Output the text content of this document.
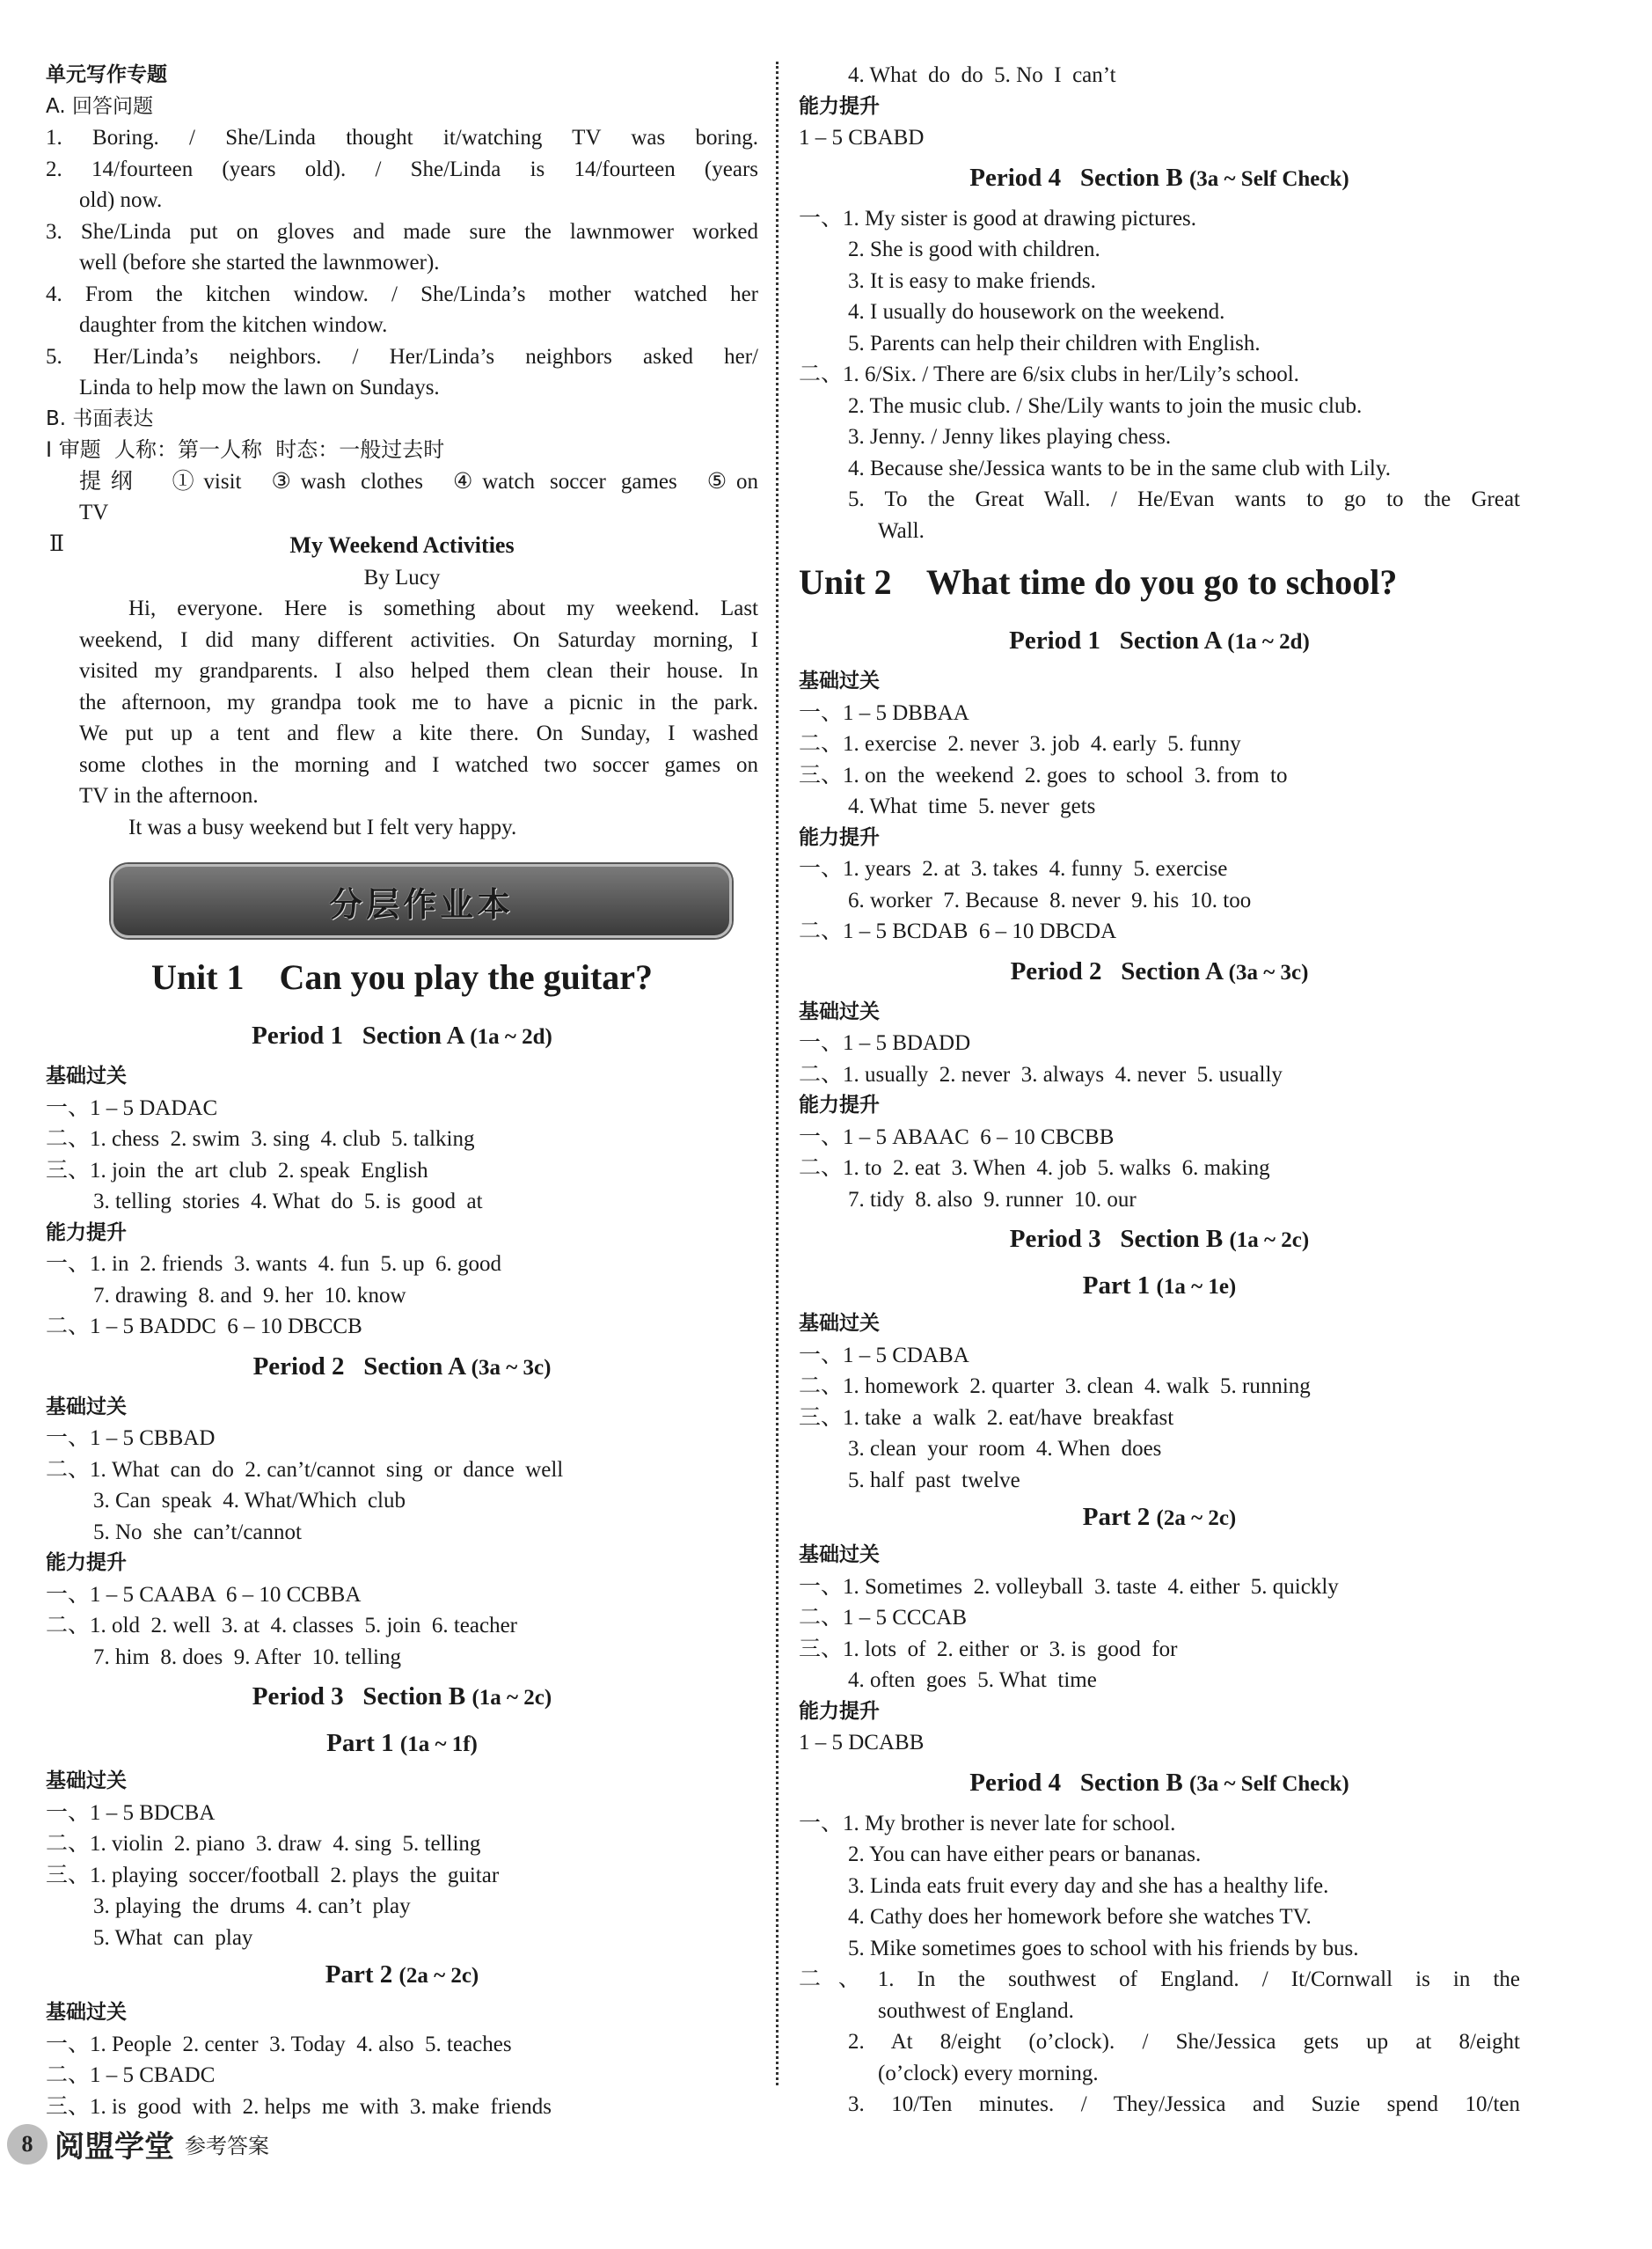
单元写作专题

A. 回答问题

1. Boring. / She/Linda thought it/watching TV was boring.

2. 14/fourteen (years old). / She/Linda is 14/fourteen (years

old) now.

3. She/Linda put on gloves and made sure the lawnmower worked

well (before she started the lawnmower).

4. From the kitchen window. / She/Linda’s mother watched her

daughter from the kitchen window.

5. Her/Linda’s neighbors. / Her/Linda’s neighbors asked her/

Linda to help mow the lawn on Sundays.

B. 书面表达

Ⅰ 审题  人称：第一人称  时态：一般过去时

提纲  ①visit  ③wash clothes  ④watch soccer games  ⑤on

TV

Ⅱ	My Weekend Activities

By Lucy

Hi, everyone. Here is something about my weekend. Last

weekend, I did many different activities. On Saturday morning, I

visited my grandparents. I also helped them clean their house. In

the afternoon, my grandpa took me to have a picnic in the park.

We put up a tent and flew a kite there. On Sunday, I washed

some clothes in the morning and I watched two soccer games on

TV in the afternoon.

It was a busy weekend but I felt very happy.

分层作业本

Unit 1    Can you play the guitar?

Period 1   Section A (1a ~ 2d)

基础过关

一、1 – 5 DADAC

二、1. chess  2. swim  3. sing  4. club  5. talking

三、1. join  the  art  club  2. speak  English

3. telling  stories  4. What  do  5. is  good  at

能力提升

一、1. in  2. friends  3. wants  4. fun  5. up  6. good

7. drawing  8. and  9. her  10. know

二、1 – 5 BADDC  6 – 10 DBCCB

Period 2   Section A (3a ~ 3c)

基础过关

一、1 – 5 CBBAD

二、1. What  can  do  2. can’t/cannot  sing  or  dance  well

3. Can  speak  4. What/Which  club

5. No  she  can’t/cannot

能力提升

一、1 – 5 CAABA  6 – 10 CCBBA

二、1. old  2. well  3. at  4. classes  5. join  6. teacher

7. him  8. does  9. After  10. telling

Period 3   Section B (1a ~ 2c)

Part 1 (1a ~ 1f)

基础过关

一、1 – 5 BDCBA

二、1. violin  2. piano  3. draw  4. sing  5. telling

三、1. playing  soccer/football  2. plays  the  guitar

3. playing  the  drums  4. can’t  play

5. What  can  play

Part 2 (2a ~ 2c)

基础过关

一、1. People  2. center  3. Today  4. also  5. teaches

二、1 – 5 CBADC

三、1. is  good  with  2. helps  me  with  3. make  friends

4. What  do  do  5. No  I  can’t

能力提升

1 – 5 CBABD

Period 4   Section B (3a ~ Self Check)

一、1. My sister is good at drawing pictures.

2. She is good with children.

3. It is easy to make friends.

4. I usually do housework on the weekend.

5. Parents can help their children with English.

二、1. 6/Six. / There are 6/six clubs in her/Lily’s school.

2. The music club. / She/Lily wants to join the music club.

3. Jenny. / Jenny likes playing chess.

4. Because she/Jessica wants to be in the same club with Lily.

5. To the Great Wall. / He/Evan wants to go to the Great

Wall.

Unit 2    What time do you go to school?

Period 1   Section A (1a ~ 2d)

基础过关

一、1 – 5 DBBAA

二、1. exercise  2. never  3. job  4. early  5. funny

三、1. on  the  weekend  2. goes  to  school  3. from  to

4. What  time  5. never  gets

能力提升

一、1. years  2. at  3. takes  4. funny  5. exercise

6. worker  7. Because  8. never  9. his  10. too

二、1 – 5 BCDAB  6 – 10 DBCDA

Period 2   Section A (3a ~ 3c)

基础过关

一、1 – 5 BDADD

二、1. usually  2. never  3. always  4. never  5. usually

能力提升

一、1 – 5 ABAAC  6 – 10 CBCBB

二、1. to  2. eat  3. When  4. job  5. walks  6. making

7. tidy  8. also  9. runner  10. our

Period 3   Section B (1a ~ 2c)

Part 1 (1a ~ 1e)

基础过关

一、1 – 5 CDABA

二、1. homework  2. quarter  3. clean  4. walk  5. running

三、1. take  a  walk  2. eat/have  breakfast

3. clean  your  room  4. When  does

5. half  past  twelve

Part 2 (2a ~ 2c)

基础过关

一、1. Sometimes  2. volleyball  3. taste  4. either  5. quickly

二、1 – 5 CCCAB

三、1. lots  of  2. either  or  3. is  good  for

4. often  goes  5. What  time

能力提升

1 – 5 DCABB

Period 4   Section B (3a ~ Self Check)

一、1. My brother is never late for school.

2. You can have either pears or bananas.

3. Linda eats fruit every day and she has a healthy life.

4. Cathy does her homework before she watches TV.

5. Mike sometimes goes to school with his friends by bus.

二、1. In the southwest of England. / It/Cornwall is in the

southwest of England.

2. At 8/eight (o’clock). / She/Jessica gets up at 8/eight

(o’clock) every morning.

3. 10/Ten minutes. / They/Jessica and Suzie spend 10/ten

8 阅盟学堂 参考答案
